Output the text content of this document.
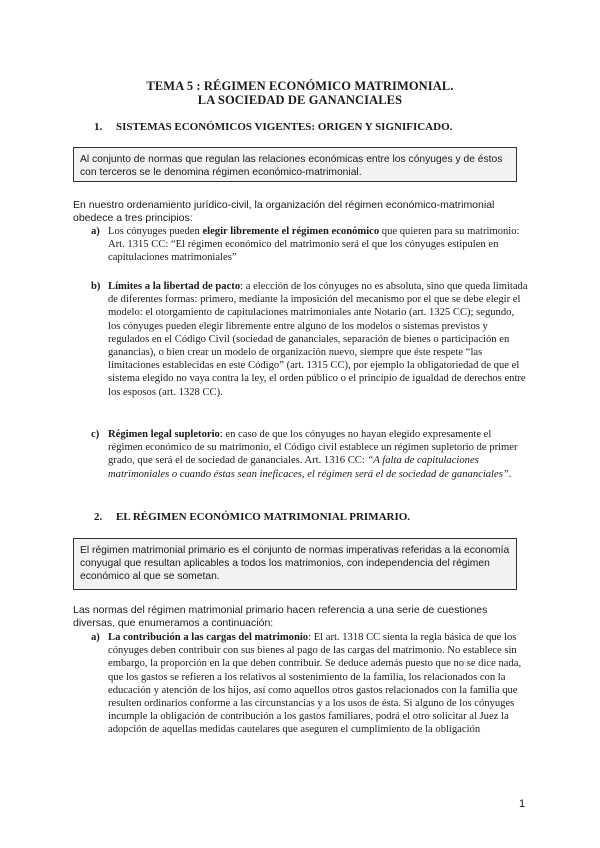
TEMA 5 : RÉGIMEN ECONÓMICO MATRIMONIAL.
LA SOCIEDAD DE GANANCIALES
1. SISTEMAS ECONÓMICOS VIGENTES: ORIGEN Y SIGNIFICADO.
Al conjunto de normas que regulan las relaciones económicas entre los cónyuges y de éstos con terceros se le denomina régimen económico-matrimonial.
En nuestro ordenamiento jurídico-civil, la organización del régimen económico-matrimonial obedece a tres principios:
a) Los cónyuges pueden elegir libremente el régimen económico que quieren para su matrimonio: Art. 1315 CC: “El régimen económico del matrimonio será el que los cónyuges estipulen en capitulaciones matrimoniales”
b) Límites a la libertad de pacto: a elección de los cónyuges no es absoluta, sino que queda limitada de diferentes formas: primero, mediante la imposición del mecanismo por el que se debe elegir el modelo: el otorgamiento de capitulaciones matrimoniales ante Notario (art. 1325 CC); segundo, los cónyuges pueden elegir libremente entre alguno de los modelos o sistemas previstos y regulados en el Código Civil (sociedad de gananciales, separación de bienes o participación en ganancias), o bien crear un modelo de organización nuevo, siempre que éste respete “las limitaciones establecidas en este Código” (art. 1315 CC), por ejemplo la obligatoriedad de que el sistema elegido no vaya contra la ley, el orden público o el principio de igualdad de derechos entre los esposos (art. 1328 CC).
c) Régimen legal supletorio: en caso de que los cónyuges no hayan elegido expresamente el régimen económico de su matrimonio, el Código civil establece un régimen supletorio de primer grado, que será el de sociedad de gananciales. Art. 1316 CC: “A falta de capitulaciones matrimoniales o cuando éstas sean ineficaces, el régimen será el de sociedad de gananciales”.
2. EL RÉGIMEN ECONÓMICO MATRIMONIAL PRIMARIO.
El régimen matrimonial primario es el conjunto de normas imperativas referidas a la economía conyugal que resultan aplicables a todos los matrimonios, con independencia del régimen económico al que se sometan.
Las normas del régimen matrimonial primario hacen referencia a una serie de cuestiones diversas, que enumeramos a continuación:
a) La contribución a las cargas del matrimonio: El art. 1318 CC sienta la regla básica de que los cónyuges deben contribuir con sus bienes al pago de las cargas del matrimonio. No establece sin embargo, la proporción en la que deben contribuir. Se deduce además puesto que no se dice nada, que los gastos se refieren a los relativos al sostenimiento de la familia, los relacionados con la educación y atención de los hijos, así como aquellos otros gastos relacionados con la familia que resulten ordinarios conforme a las circunstancias y a los usos de ésta. Si alguno de los cónyuges incumple la obligación de contribución a los gastos familiares, podrá el otro solicitar al Juez la adopción de aquellas medidas cautelares que aseguren el cumplimiento de la obligación
1
